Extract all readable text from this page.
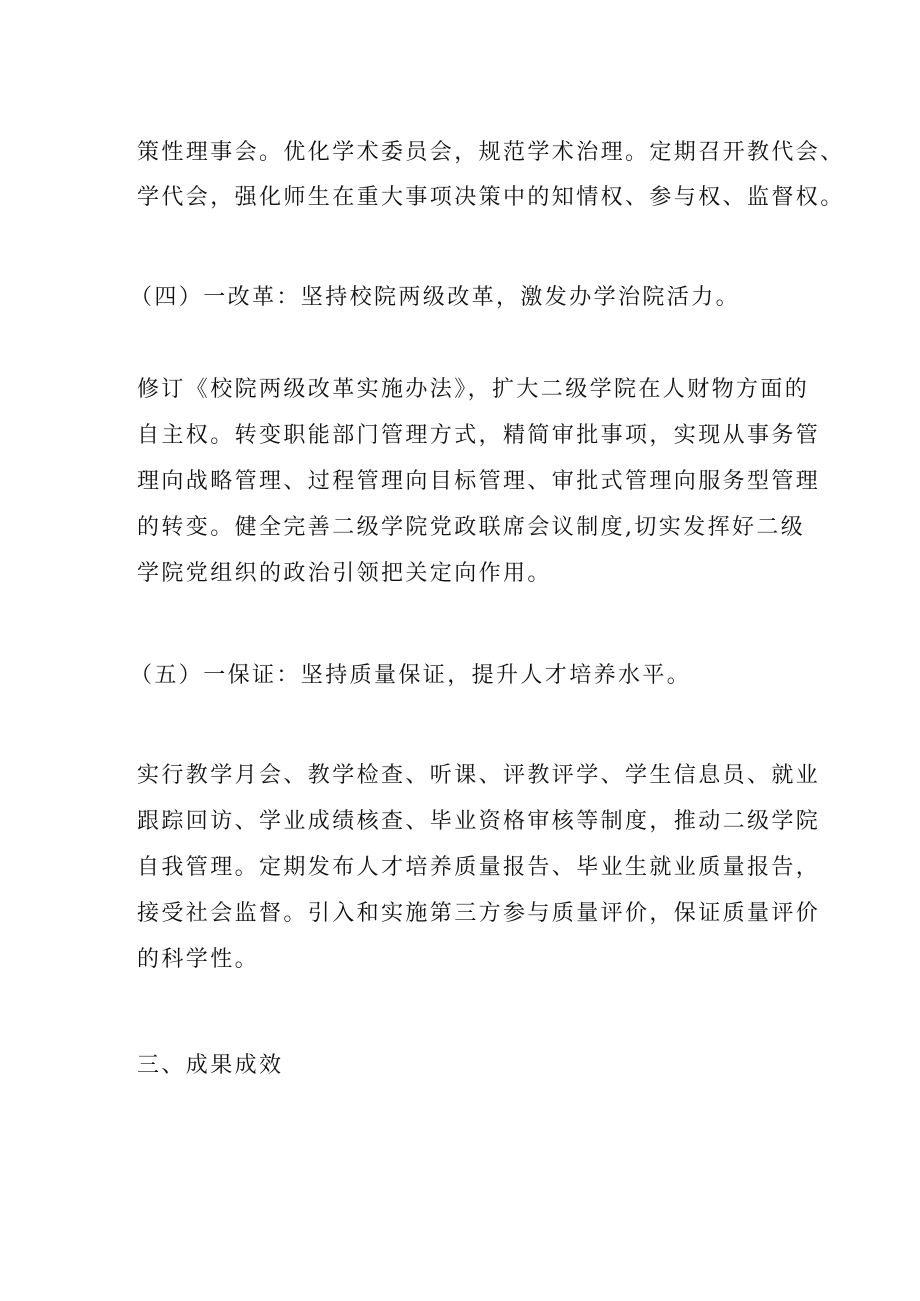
策性理事会。优化学术委员会，规范学术治理。定期召开教代会、
学代会，强化师生在重大事项决策中的知情权、参与权、监督权。
（四）一改革：坚持校院两级改革，激发办学治院活力。
修订《校院两级改革实施办法》，扩大二级学院在人财物方面的
自主权。转变职能部门管理方式，精简审批事项，实现从事务管
理向战略管理、过程管理向目标管理、审批式管理向服务型管理
的转变。健全完善二级学院党政联席会议制度,切实发挥好二级
学院党组织的政治引领把关定向作用。
（五）一保证：坚持质量保证，提升人才培养水平。
实行教学月会、教学检查、听课、评教评学、学生信息员、就业
跟踪回访、学业成绩核查、毕业资格审核等制度，推动二级学院
自我管理。定期发布人才培养质量报告、毕业生就业质量报告，
接受社会监督。引入和实施第三方参与质量评价，保证质量评价
的科学性。
三、成果成效
